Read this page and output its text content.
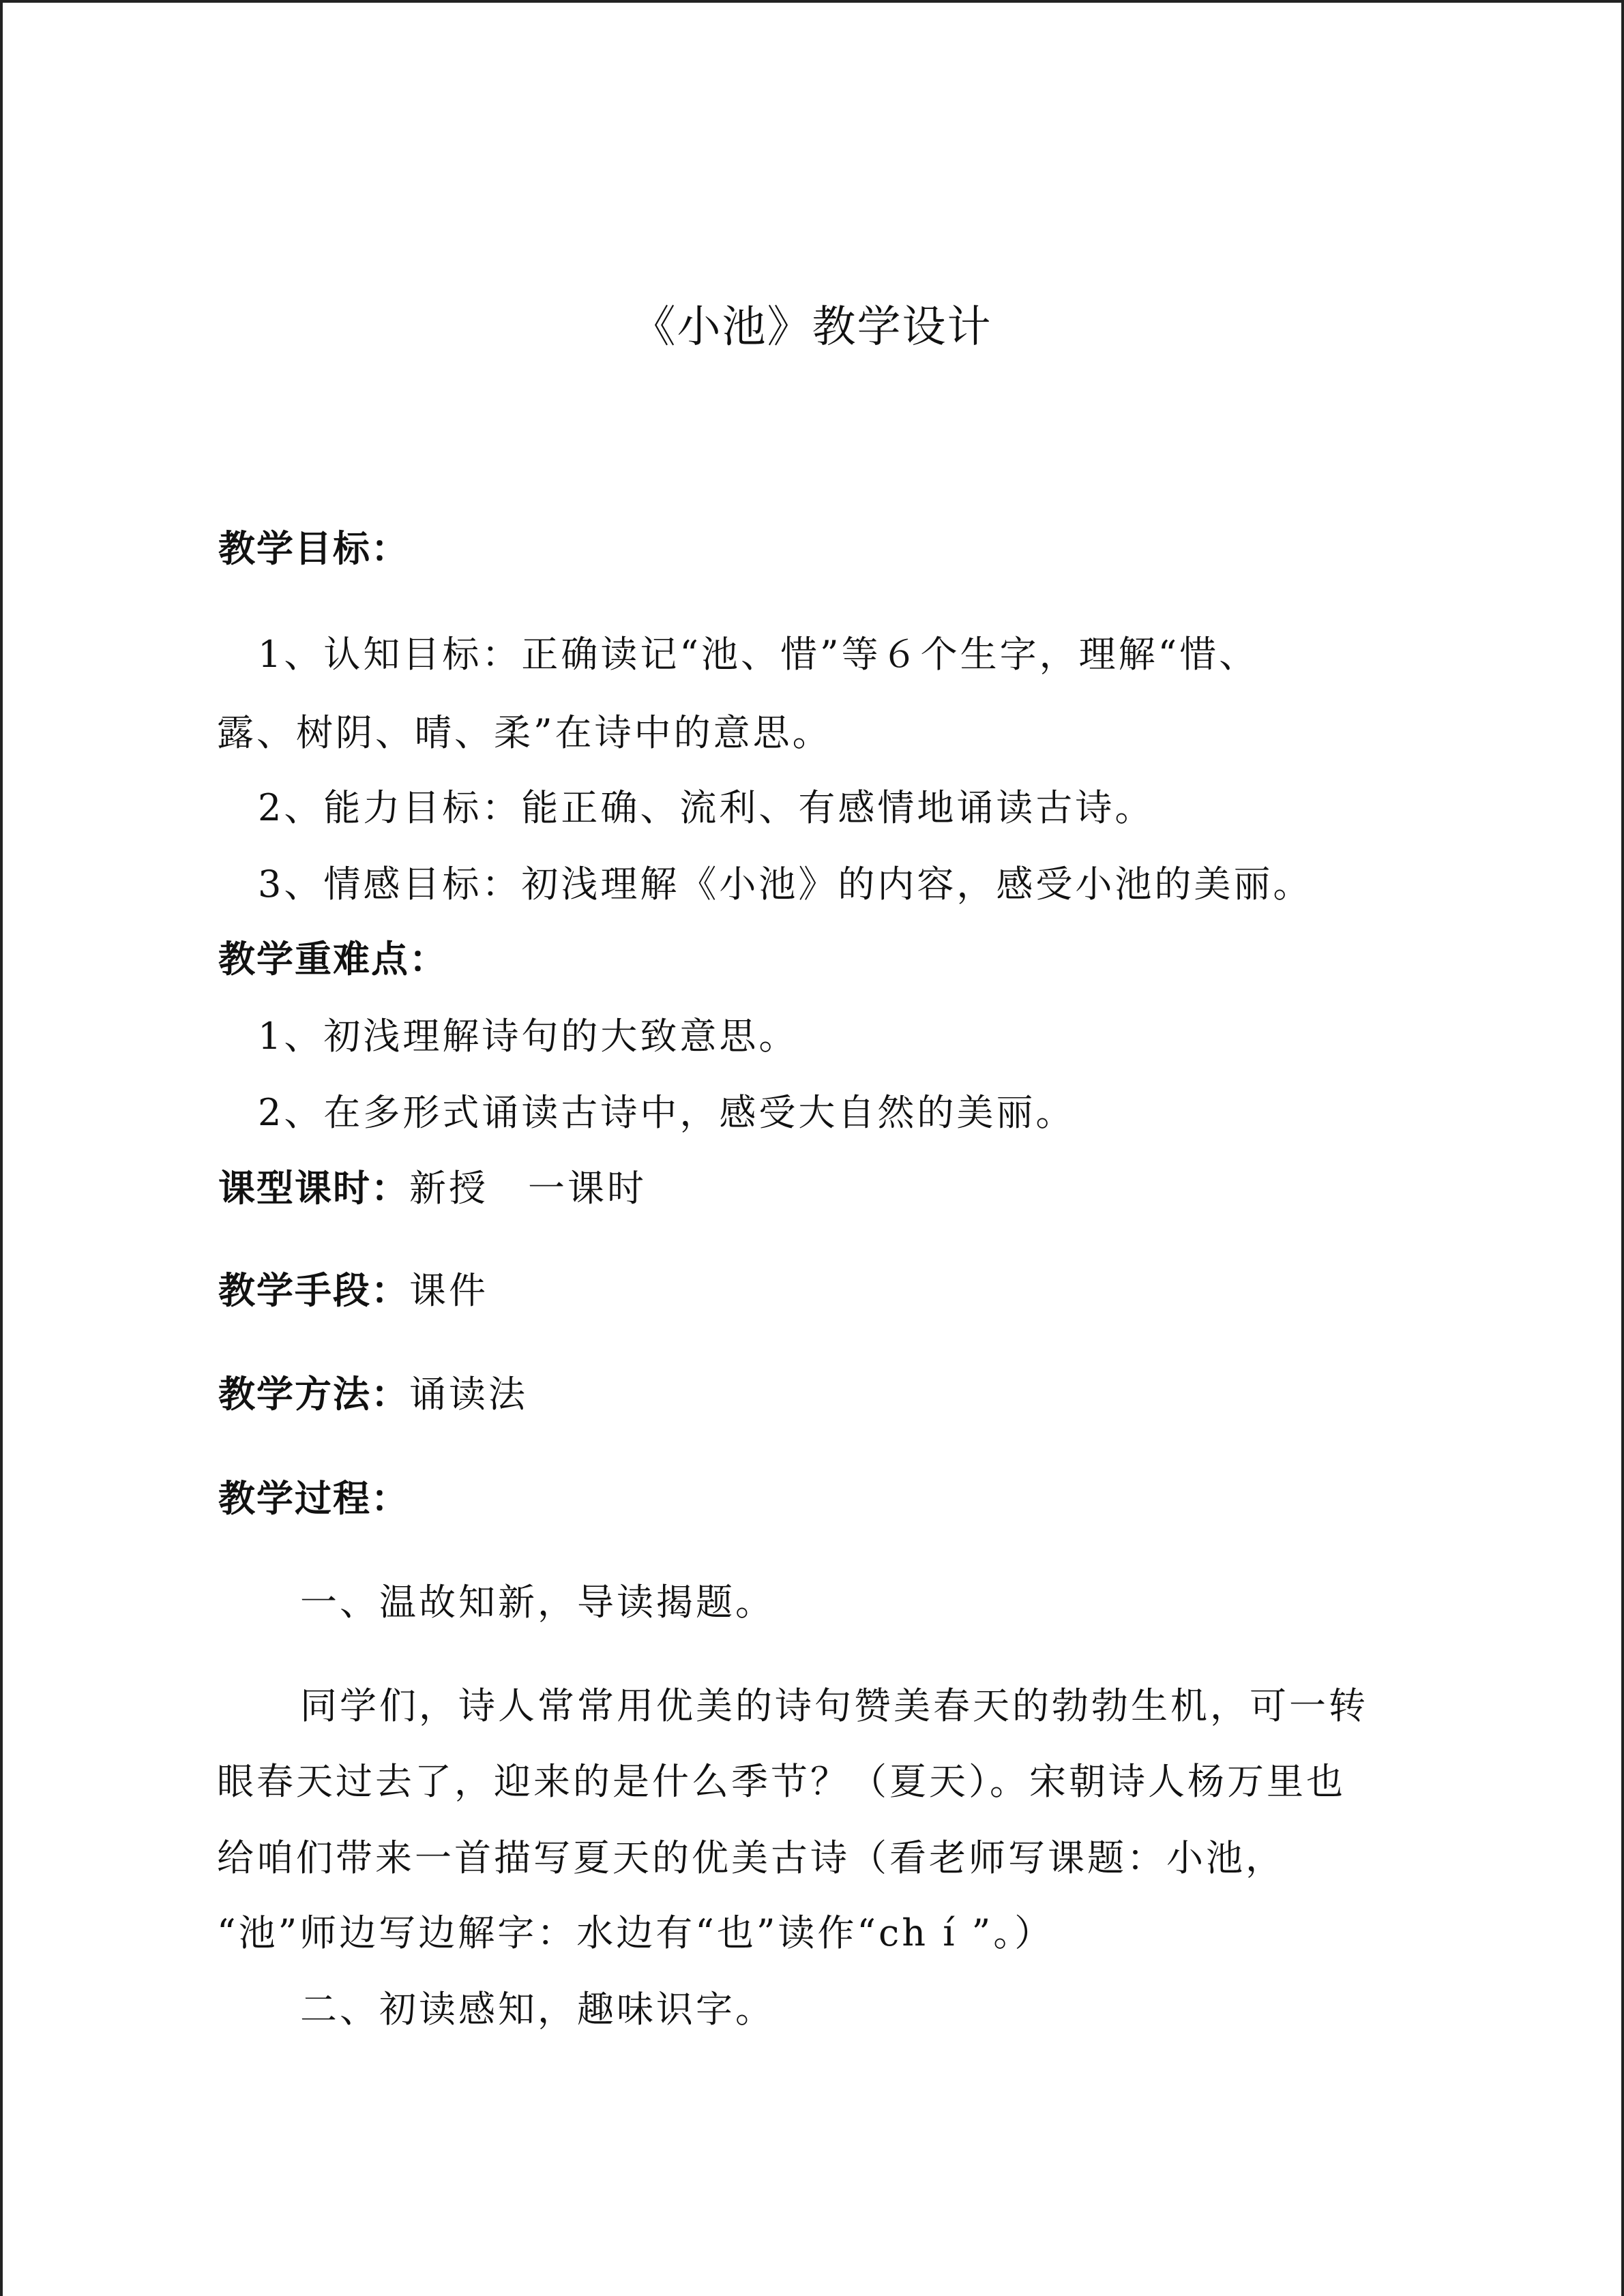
《小池》教学设计
教学目标：
1、认知目标：正确读记“池、惜”等６个生字，理解“惜、
露、树阴、晴、柔”在诗中的意思。
2、能力目标：能正确、流利、有感情地诵读古诗。
3、情感目标：初浅理解《小池》的内容，感受小池的美丽。
教学重难点：
1、初浅理解诗句的大致意思。
2、在多形式诵读古诗中，感受大自然的美丽。
课型课时：新授　一课时
教学手段：课件
教学方法：诵读法
教学过程：
一、温故知新，导读揭题。
同学们，诗人常常用优美的诗句赞美春天的勃勃生机，可一转
眼春天过去了，迎来的是什么季节？（夏天）。宋朝诗人杨万里也
给咱们带来一首描写夏天的优美古诗（看老师写课题：小池，
“池”师边写边解字：水边有“也”读作“ch í ”。）
二、初读感知，趣味识字。
